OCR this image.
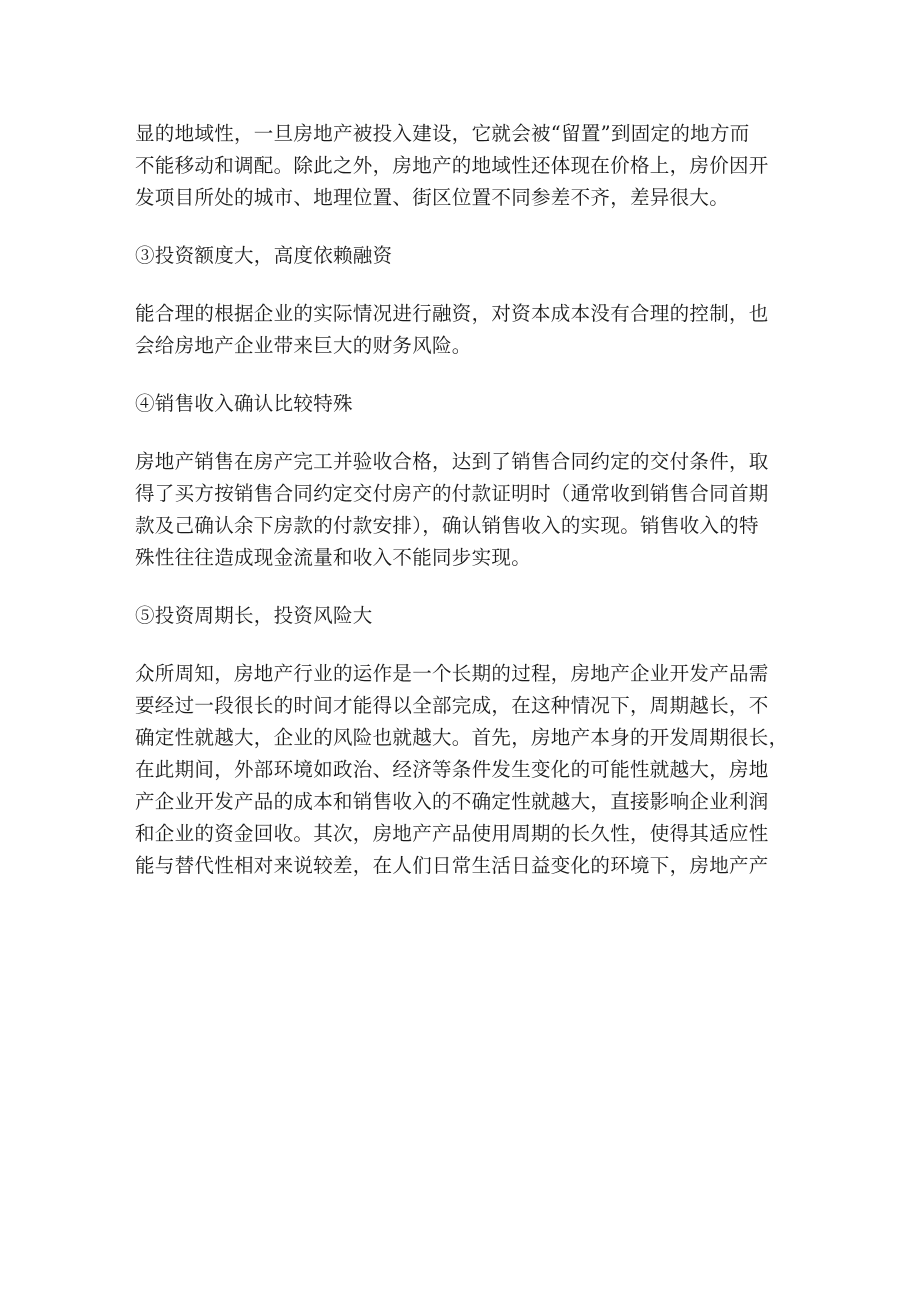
显的地域性，一旦房地产被投入建设，它就会被“留置”到固定的地方而
不能移动和调配。除此之外，房地产的地域性还体现在价格上，房价因开
发项目所处的城市、地理位置、街区位置不同参差不齐，差异很大。

③投资额度大，高度依赖融资

能合理的根据企业的实际情况进行融资，对资本成本没有合理的控制，也
会给房地产企业带来巨大的财务风险。

④销售收入确认比较特殊

房地产销售在房产完工并验收合格，达到了销售合同约定的交付条件，取
得了买方按销售合同约定交付房产的付款证明时（通常收到销售合同首期
款及己确认余下房款的付款安排），确认销售收入的实现。销售收入的特
殊性往往造成现金流量和收入不能同步实现。

⑤投资周期长，投资风险大

众所周知，房地产行业的运作是一个长期的过程，房地产企业开发产品需
要经过一段很长的时间才能得以全部完成，在这种情况下，周期越长，不
确定性就越大，企业的风险也就越大。首先，房地产本身的开发周期很长，
在此期间，外部环境如政治、经济等条件发生变化的可能性就越大，房地
产企业开发产品的成本和销售收入的不确定性就越大，直接影响企业利润
和企业的资金回收。其次，房地产产品使用周期的长久性，使得其适应性
能与替代性相对来说较差，在人们日常生活日益变化的环境下，房地产产
